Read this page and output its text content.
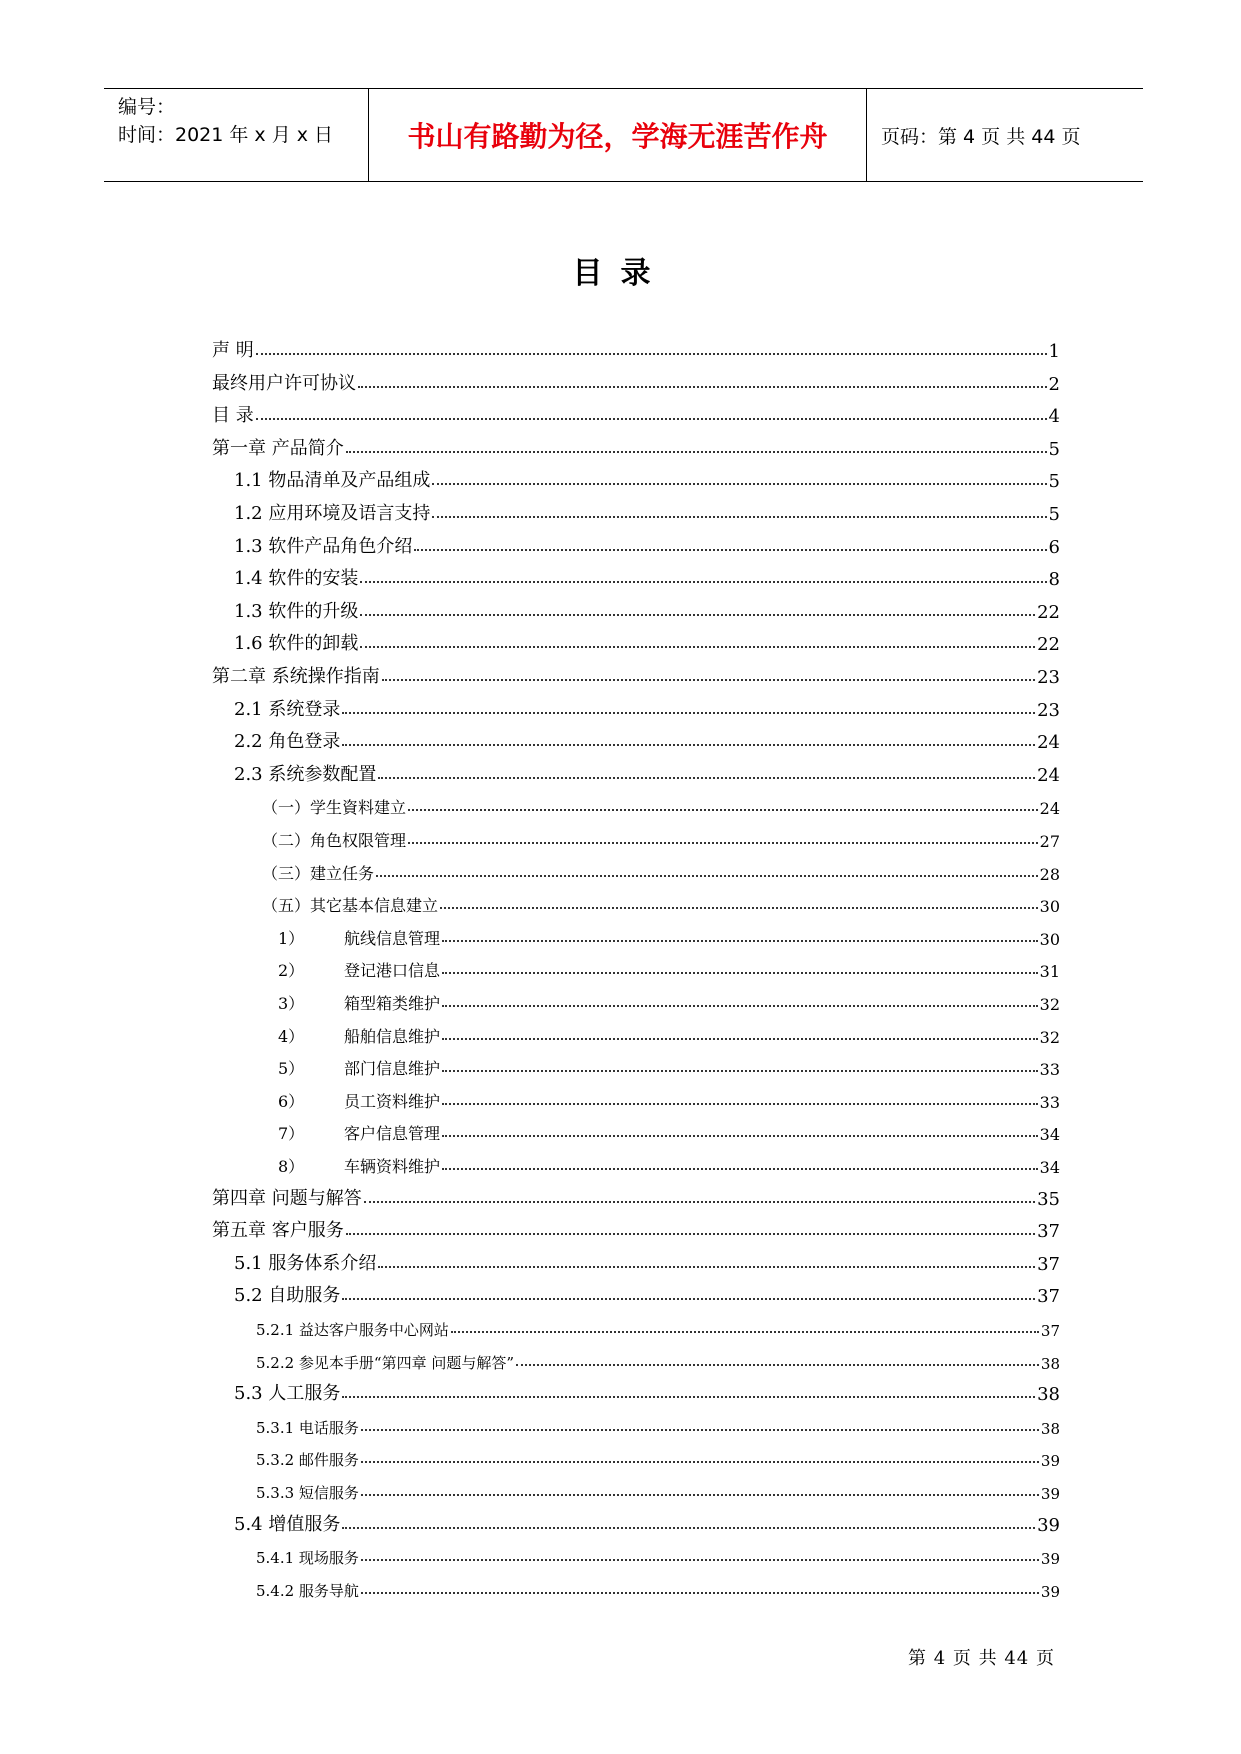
编号：
时间：2021 年 x 月 x 日	书山有路勤为径，学海无涯苦作舟	页码：第 4 页 共 44 页
目录
声 明	1
最终用户许可协议	2
目 录	4
第一章 产品简介	5
1.1 物品清单及产品组成	5
1.2 应用环境及语言支持	5
1.3 软件产品角色介绍	6
1.4 软件的安装	8
1.3 软件的升级	22
1.6 软件的卸载	22
第二章 系统操作指南	23
2.1 系统登录	23
2.2 角色登录	24
2.3 系统参数配置	24
（一）学生資料建立	24
（二）角色权限管理	27
（三）建立任务	28
（五）其它基本信息建立	30
1） 航线信息管理	30
2） 登记港口信息	31
3） 箱型箱类维护	32
4） 船舶信息维护	32
5） 部门信息维护	33
6） 员工资料维护	33
7） 客户信息管理	34
8） 车辆资料维护	34
第四章 问题与解答	35
第五章 客户服务	37
5.1 服务体系介绍	37
5.2 自助服务	37
5.2.1 益达客户服务中心网站	37
5.2.2 参见本手册“第四章 问题与解答”	38
5.3 人工服务	38
5.3.1 电话服务	38
5.3.2 邮件服务	39
5.3.3 短信服务	39
5.4 增值服务	39
5.4.1 现场服务	39
5.4.2 服务导航	39
第 4 页 共 44 页
